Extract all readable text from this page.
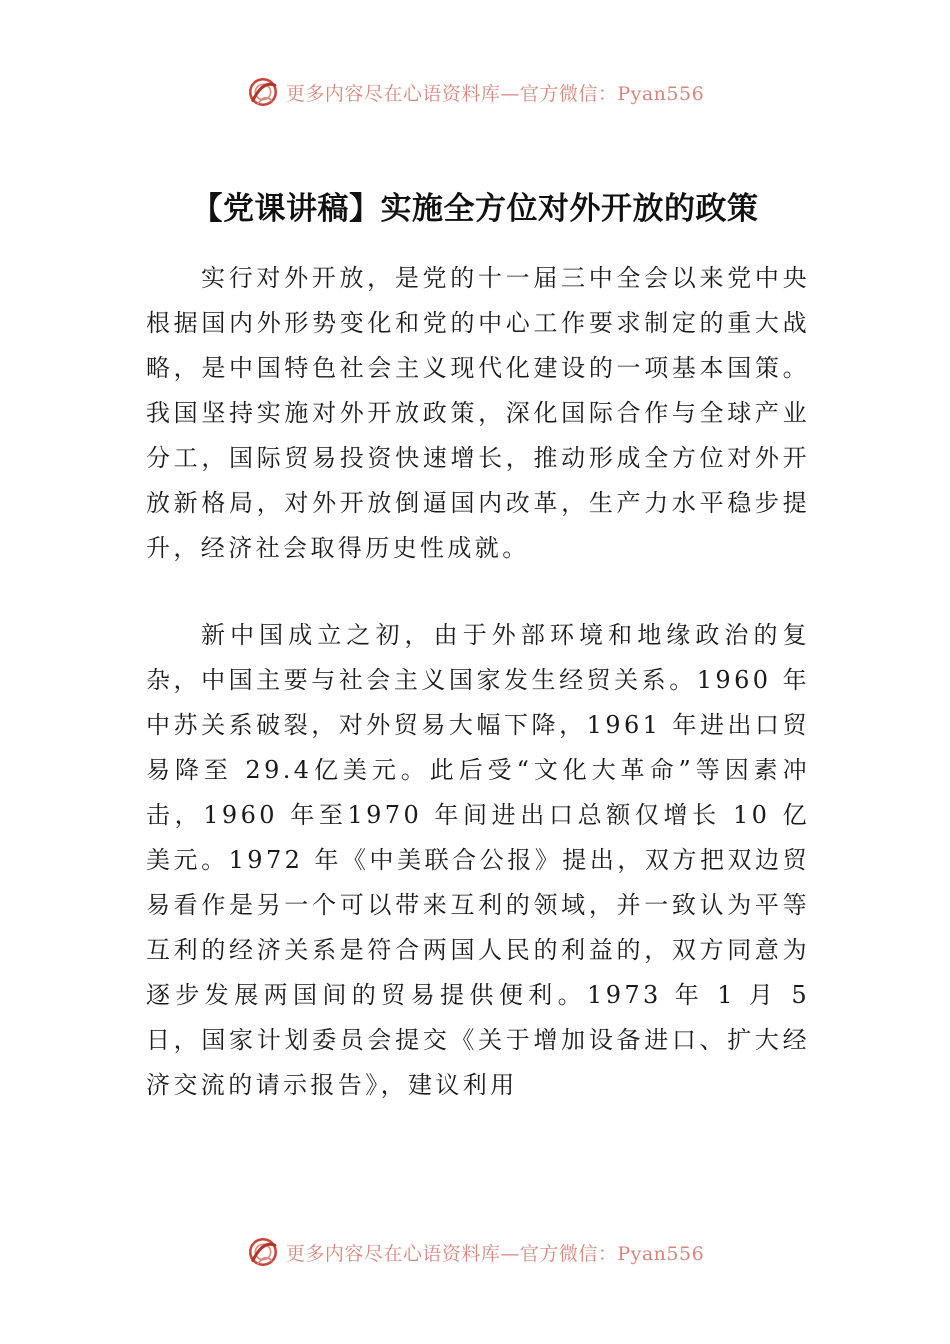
更多内容尽在心语资料库—官方微信：Pyan556
【党课讲稿】实施全方位对外开放的政策

实行对外开放，是党的十一届三中全会以来党中央根据国内外形势变化和党的中心工作要求制定的重大战略，是中国特色社会主义现代化建设的一项基本国策。我国坚持实施对外开放政策，深化国际合作与全球产业分工，国际贸易投资快速增长，推动形成全方位对外开放新格局，对外开放倒逼国内改革，生产力水平稳步提升，经济社会取得历史性成就。

新中国成立之初，由于外部环境和地缘政治的复杂，中国主要与社会主义国家发生经贸关系。1960 年中苏关系破裂，对外贸易大幅下降，1961 年进出口贸易降至 29.4亿美元。此后受“文化大革命”等因素冲击，1960 年至1970 年间进出口总额仅增长 10 亿美元。1972 年《中美联合公报》提出，双方把双边贸易看作是另一个可以带来互利的领域，并一致认为平等互利的经济关系是符合两国人民的利益的，双方同意为逐步发展两国间的贸易提供便利。1973 年 1 月 5 日，国家计划委员会提交《关于增加设备进口、扩大经济交流的请示报告》，建议利用

更多内容尽在心语资料库—官方微信：Pyan556
